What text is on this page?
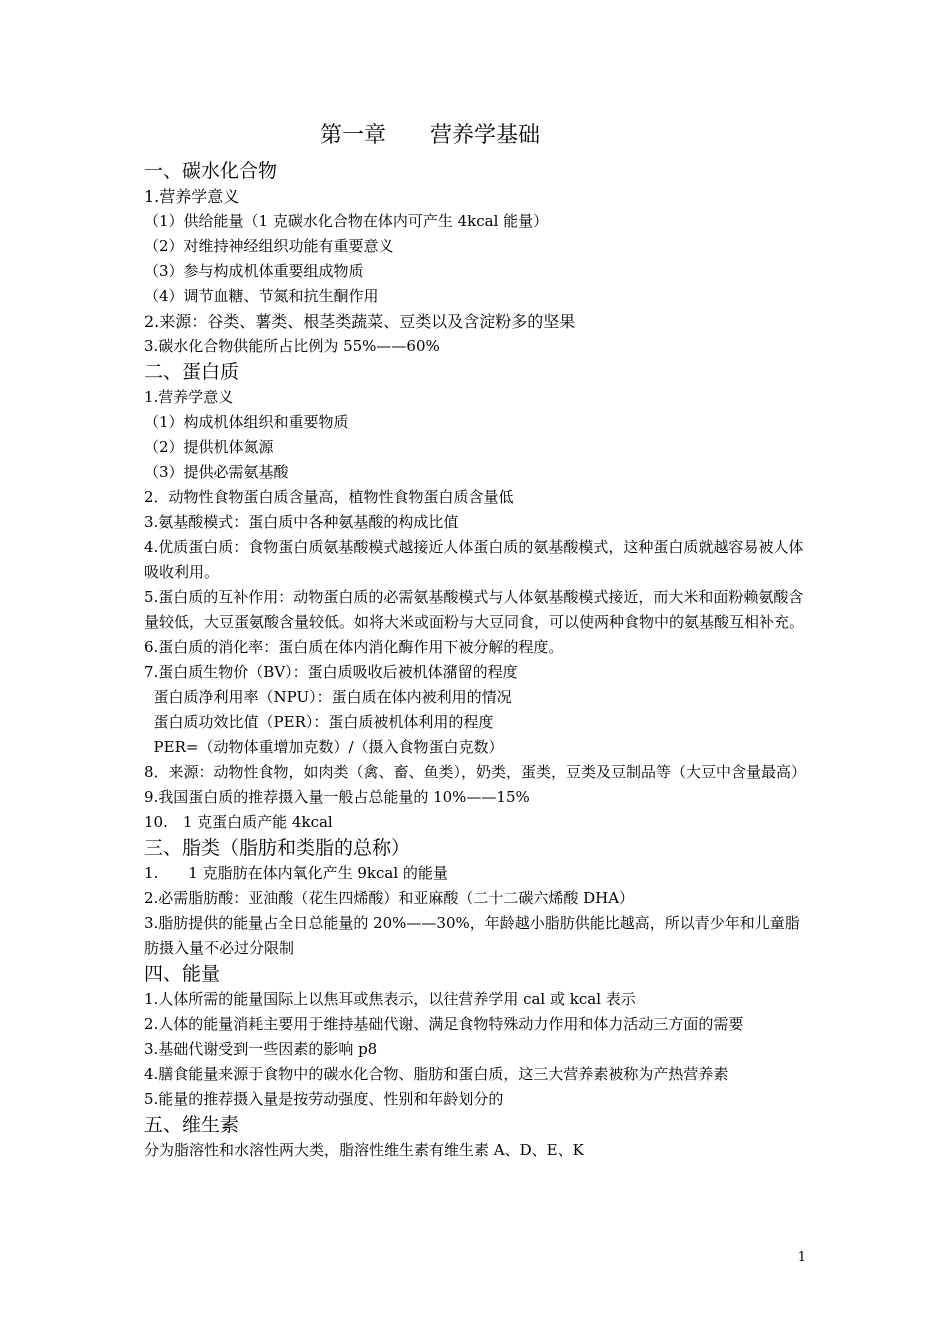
第一章　　营养学基础
一、碳水化合物
1.营养学意义
（1）供给能量（1 克碳水化合物在体内可产生 4kcal 能量）
（2）对维持神经组织功能有重要意义
（3）参与构成机体重要组成物质
（4）调节血糖、节氮和抗生酮作用
2.来源：谷类、薯类、根茎类蔬菜、豆类以及含淀粉多的坚果
3.碳水化合物供能所占比例为 55%——60%
二、蛋白质
1.营养学意义
（1）构成机体组织和重要物质
（2）提供机体氮源
（3）提供必需氨基酸
2．动物性食物蛋白质含量高，植物性食物蛋白质含量低
3.氨基酸模式：蛋白质中各种氨基酸的构成比值
4.优质蛋白质：食物蛋白质氨基酸模式越接近人体蛋白质的氨基酸模式，这种蛋白质就越容易被人体吸收利用。
5.蛋白质的互补作用：动物蛋白质的必需氨基酸模式与人体氨基酸模式接近，而大米和面粉赖氨酸含量较低，大豆蛋氨酸含量较低。如将大米或面粉与大豆同食，可以使两种食物中的氨基酸互相补充。
6.蛋白质的消化率：蛋白质在体内消化酶作用下被分解的程度。
7.蛋白质生物价（BV）：蛋白质吸收后被机体潴留的程度
蛋白质净利用率（NPU）：蛋白质在体内被利用的情况
蛋白质功效比值（PER）：蛋白质被机体利用的程度
PER=（动物体重增加克数）/（摄入食物蛋白克数）
8．来源：动物性食物，如肉类（禽、畜、鱼类），奶类，蛋类，豆类及豆制品等（大豆中含量最高）
9.我国蛋白质的推荐摄入量一般占总能量的 10%——15%
10.　1 克蛋白质产能 4kcal
三、脂类（脂肪和类脂的总称）
1.　　1 克脂肪在体内氧化产生 9kcal 的能量
2.必需脂肪酸：亚油酸（花生四烯酸）和亚麻酸（二十二碳六烯酸 DHA）
3.脂肪提供的能量占全日总能量的 20%——30%，年龄越小脂肪供能比越高，所以青少年和儿童脂肪摄入量不必过分限制
四、能量
1.人体所需的能量国际上以焦耳或焦表示，以往营养学用 cal 或 kcal 表示
2.人体的能量消耗主要用于维持基础代谢、满足食物特殊动力作用和体力活动三方面的需要
3.基础代谢受到一些因素的影响 p8
4.膳食能量来源于食物中的碳水化合物、脂肪和蛋白质，这三大营养素被称为产热营养素
5.能量的推荐摄入量是按劳动强度、性别和年龄划分的
五、维生素
分为脂溶性和水溶性两大类，脂溶性维生素有维生素 A、D、E、K
1
